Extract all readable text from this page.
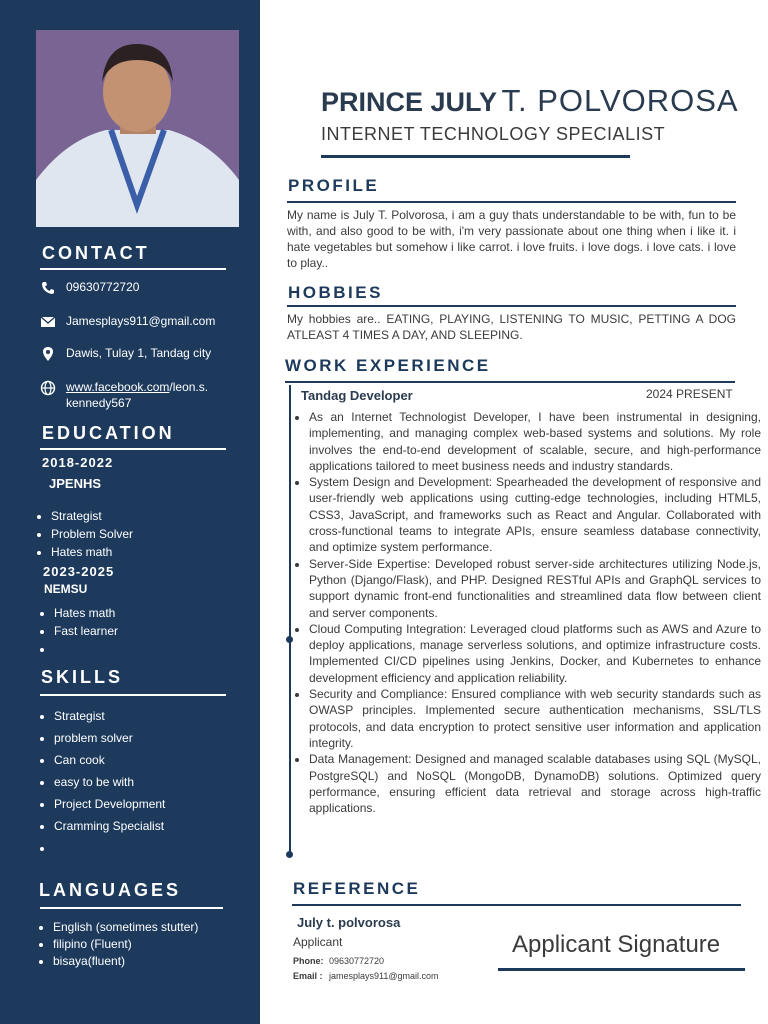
CONTACT
09630772720
Jamesplays911@gmail.com
Dawis, Tulay 1, Tandag city
www.facebook.com/leon.s.
kennedy567
EDUCATION
2018-2022
JPENHS
• Strategist
• Problem Solver
• Hates math
2023-2025
NEMSU
• Hates math
• Fast learner
•
SKILLS
• Strategist
• problem solver
• Can cook
• easy to be with
• Project Development
• Cramming Specialist
•
LANGUAGES
• English (sometimes stutter)
• filipino (Fluent)
• bisaya(fluent)
PRINCE JULY T. POLVOROSA
INTERNET TECHNOLOGY SPECIALIST
PROFILE

My name is July T. Polvorosa, i am a guy thats understandable to be with, fun to be with, and also good to be with, i'm very passionate about one thing when i like it. i hate vegetables but somehow i like carrot. i love fruits. i love dogs. i love cats. i love to play..

HOBBIES

My hobbies are.. EATING, PLAYING, LISTENING TO MUSIC, PETTING A DOG ATLEAST 4 TIMES A DAY, AND SLEEPING.

WORK EXPERIENCE
Tandag Developer	2024 PRESENT
• As an Internet Technologist Developer, I have been instrumental in designing, implementing, and managing complex web-based systems and solutions. My role involves the end-to-end development of scalable, secure, and high-performance applications tailored to meet business needs and industry standards.
• System Design and Development: Spearheaded the development of responsive and user-friendly web applications using cutting-edge technologies, including HTML5, CSS3, JavaScript, and frameworks such as React and Angular. Collaborated with cross-functional teams to integrate APIs, ensure seamless database connectivity, and optimize system performance.
• Server-Side Expertise: Developed robust server-side architectures utilizing Node.js, Python (Django/Flask), and PHP. Designed RESTful APIs and GraphQL services to support dynamic front-end functionalities and streamlined data flow between client and server components.
• Cloud Computing Integration: Leveraged cloud platforms such as AWS and Azure to deploy applications, manage serverless solutions, and optimize infrastructure costs. Implemented CI/CD pipelines using Jenkins, Docker, and Kubernetes to enhance development efficiency and application reliability.
• Security and Compliance: Ensured compliance with web security standards such as OWASP principles. Implemented secure authentication mechanisms, SSL/TLS protocols, and data encryption to protect sensitive user information and application integrity.
• Data Management: Designed and managed scalable databases using SQL (MySQL, PostgreSQL) and NoSQL (MongoDB, DynamoDB) solutions. Optimized query performance, ensuring efficient data retrieval and storage across high-traffic applications.
REFERENCE
July t. polvorosa
Applicant
Phone: 09630772720
Email : jamesplays911@gmail.com
Applicant Signature
